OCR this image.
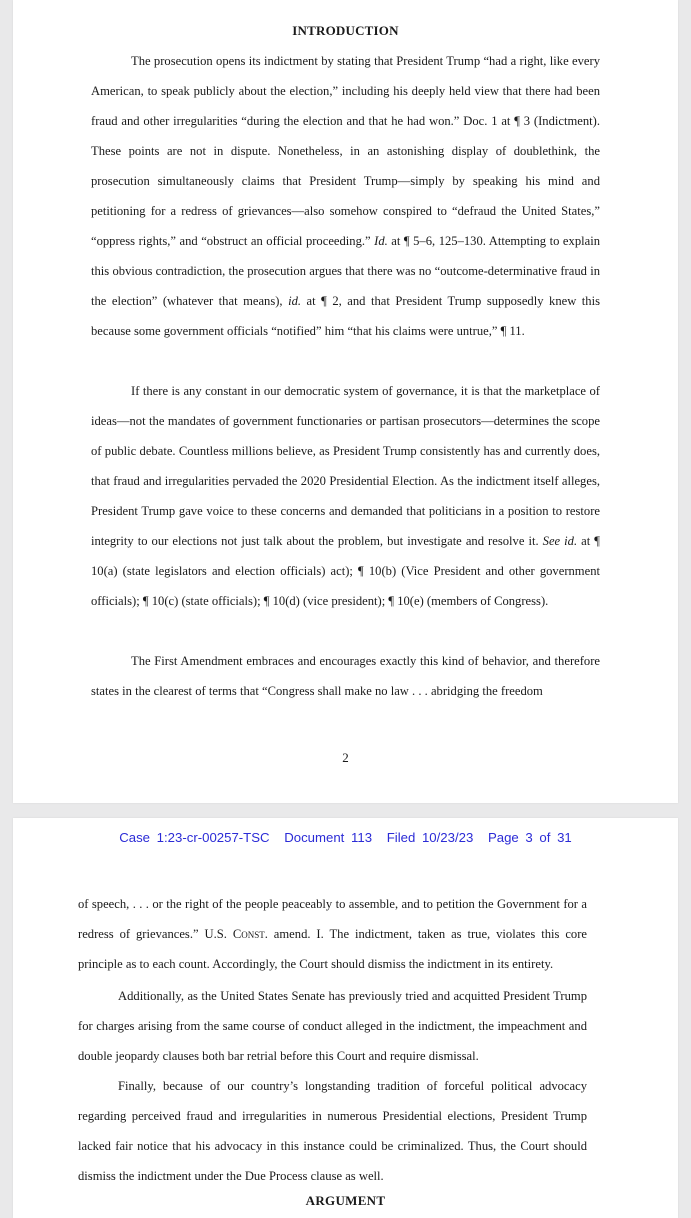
INTRODUCTION

The prosecution opens its indictment by stating that President Trump “had a right, like every American, to speak publicly about the election,” including his deeply held view that there had been fraud and other irregularities “during the election and that he had won.” Doc. 1 at ¶ 3 (Indictment). These points are not in dispute. Nonetheless, in an astonishing display of doublethink, the prosecution simultaneously claims that President Trump—simply by speaking his mind and petitioning for a redress of grievances—also somehow conspired to “defraud the United States,” “oppress rights,” and “obstruct an official proceeding.” Id. at ¶ 5–6, 125–130. Attempting to explain this obvious contradiction, the prosecution argues that there was no “outcome-determinative fraud in the election” (whatever that means), id. at ¶ 2, and that President Trump supposedly knew this because some government officials “notified” him “that his claims were untrue,” ¶ 11.

If there is any constant in our democratic system of governance, it is that the marketplace of ideas—not the mandates of government functionaries or partisan prosecutors—determines the scope of public debate. Countless millions believe, as President Trump consistently has and currently does, that fraud and irregularities pervaded the 2020 Presidential Election. As the indictment itself alleges, President Trump gave voice to these concerns and demanded that politicians in a position to restore integrity to our elections not just talk about the problem, but investigate and resolve it. See id. at ¶ 10(a) (state legislators and election officials) act); ¶ 10(b) (Vice President and other government officials); ¶ 10(c) (state officials); ¶ 10(d) (vice president); ¶ 10(e) (members of Congress).

The First Amendment embraces and encourages exactly this kind of behavior, and therefore states in the clearest of terms that “Congress shall make no law . . . abridging the freedom

2
Case 1:23-cr-00257-TSC Document 113 Filed 10/23/23 Page 3 of 31

of speech, . . . or the right of the people peaceably to assemble, and to petition the Government for a redress of grievances.” U.S. Const. amend. I. The indictment, taken as true, violates this core principle as to each count. Accordingly, the Court should dismiss the indictment in its entirety.

Additionally, as the United States Senate has previously tried and acquitted President Trump for charges arising from the same course of conduct alleged in the indictment, the impeachment and double jeopardy clauses both bar retrial before this Court and require dismissal.

Finally, because of our country’s longstanding tradition of forceful political advocacy regarding perceived fraud and irregularities in numerous Presidential elections, President Trump lacked fair notice that his advocacy in this instance could be criminalized. Thus, the Court should dismiss the indictment under the Due Process clause as well.

ARGUMENT
